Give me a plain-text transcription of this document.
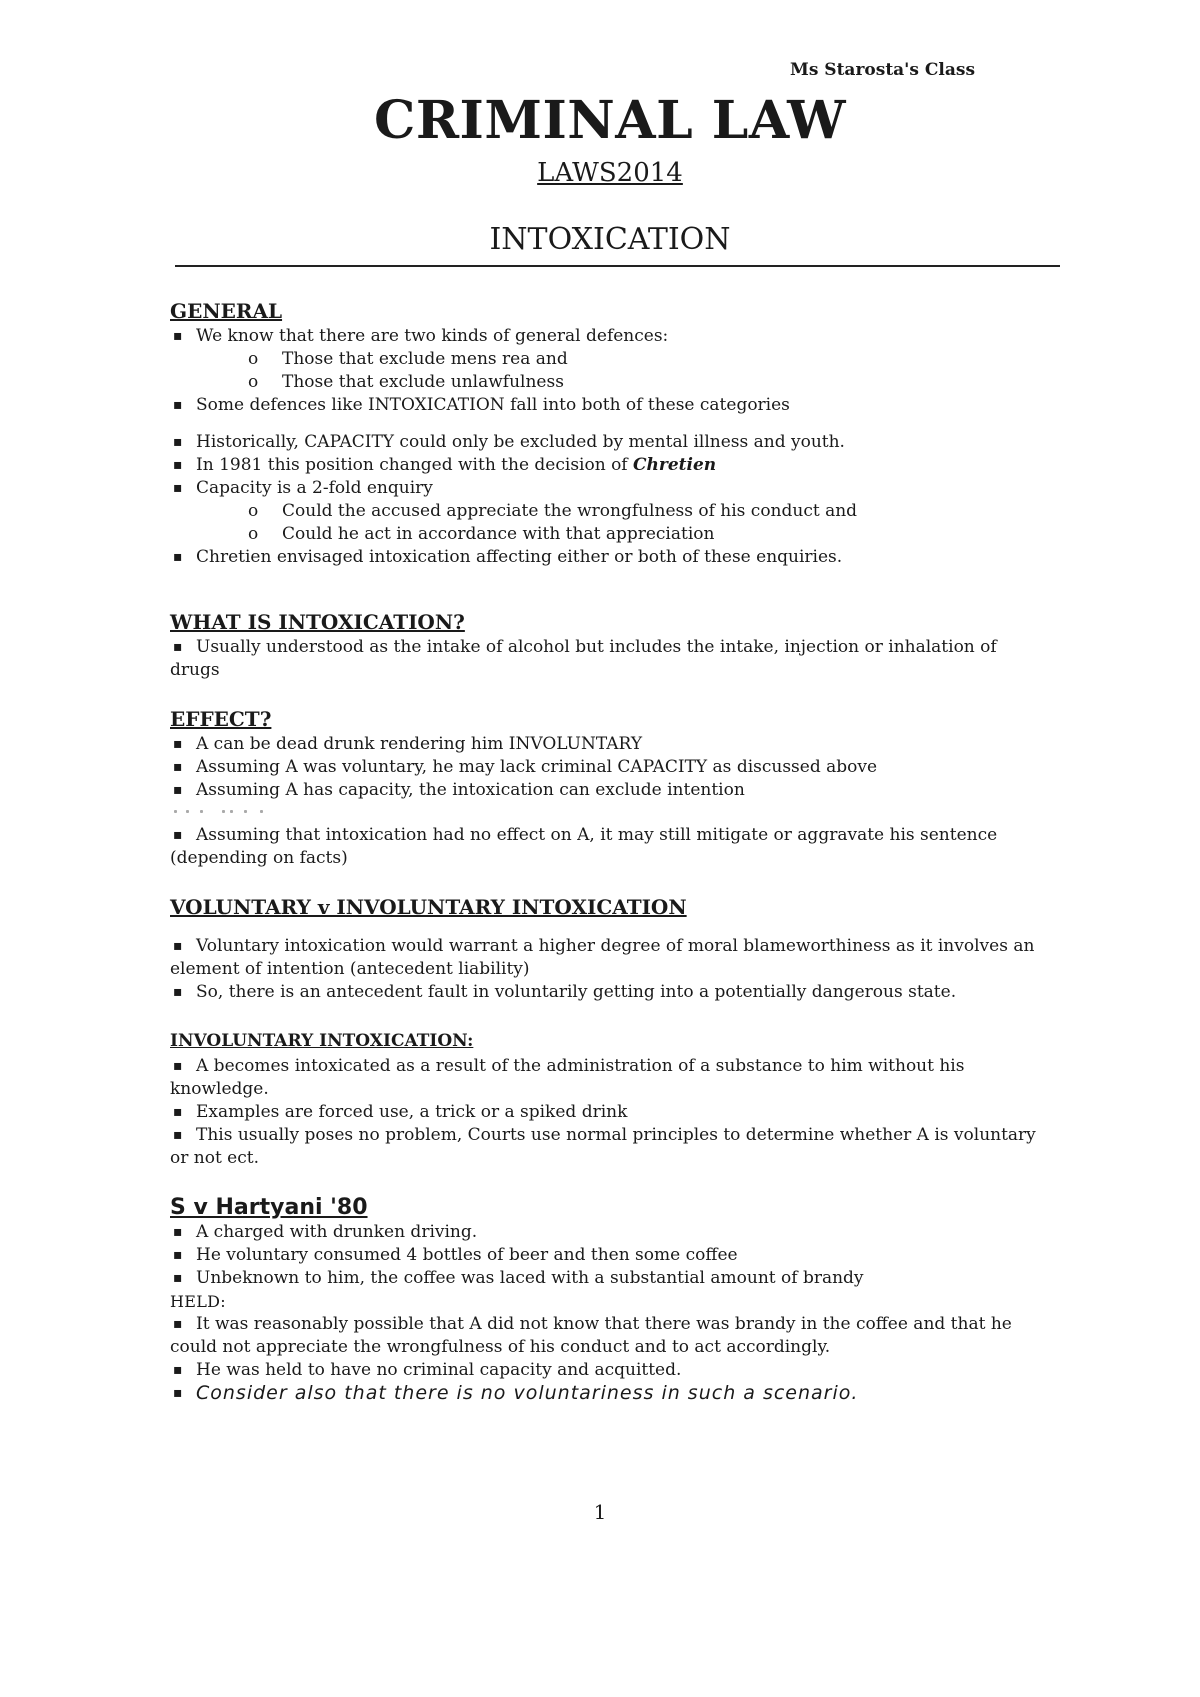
Ms Starosta's Class
CRIMINAL LAW
LAWS2014
INTOXICATION
GENERAL
▪ We know that there are two kinds of general defences:
o Those that exclude mens rea and
o Those that exclude unlawfulness
▪ Some defences like INTOXICATION fall into both of these categories
▪ Historically, CAPACITY could only be excluded by mental illness and youth.
▪ In 1981 this position changed with the decision of Chretien
▪ Capacity is a 2-fold enquiry
o Could the accused appreciate the wrongfulness of his conduct and
o Could he act in accordance with that appreciation
▪ Chretien envisaged intoxication affecting either or both of these enquiries.
WHAT IS INTOXICATION?
▪ Usually understood as the intake of alcohol but includes the intake, injection or inhalation of drugs
EFFECT?
▪ A can be dead drunk rendering him INVOLUNTARY
▪ Assuming A was voluntary, he may lack criminal CAPACITY as discussed above
▪ Assuming A has capacity, the intoxication can exclude intention
▪ Assuming that intoxication had no effect on A, it may still mitigate or aggravate his sentence (depending on facts)
VOLUNTARY v INVOLUNTARY INTOXICATION
▪ Voluntary intoxication would warrant a higher degree of moral blameworthiness as it involves an element of intention (antecedent liability)
▪ So, there is an antecedent fault in voluntarily getting into a potentially dangerous state.
INVOLUNTARY INTOXICATION:
▪ A becomes intoxicated as a result of the administration of a substance to him without his knowledge.
▪ Examples are forced use, a trick or a spiked drink
▪ This usually poses no problem, Courts use normal principles to determine whether A is voluntary or not ect.
S v Hartyani '80
▪ A charged with drunken driving.
▪ He voluntary consumed 4 bottles of beer and then some coffee
▪ Unbeknown to him, the coffee was laced with a substantial amount of brandy
HELD:
▪ It was reasonably possible that A did not know that there was brandy in the coffee and that he could not appreciate the wrongfulness of his conduct and to act accordingly.
▪ He was held to have no criminal capacity and acquitted.
▪ Consider also that there is no voluntariness in such a scenario.
1
